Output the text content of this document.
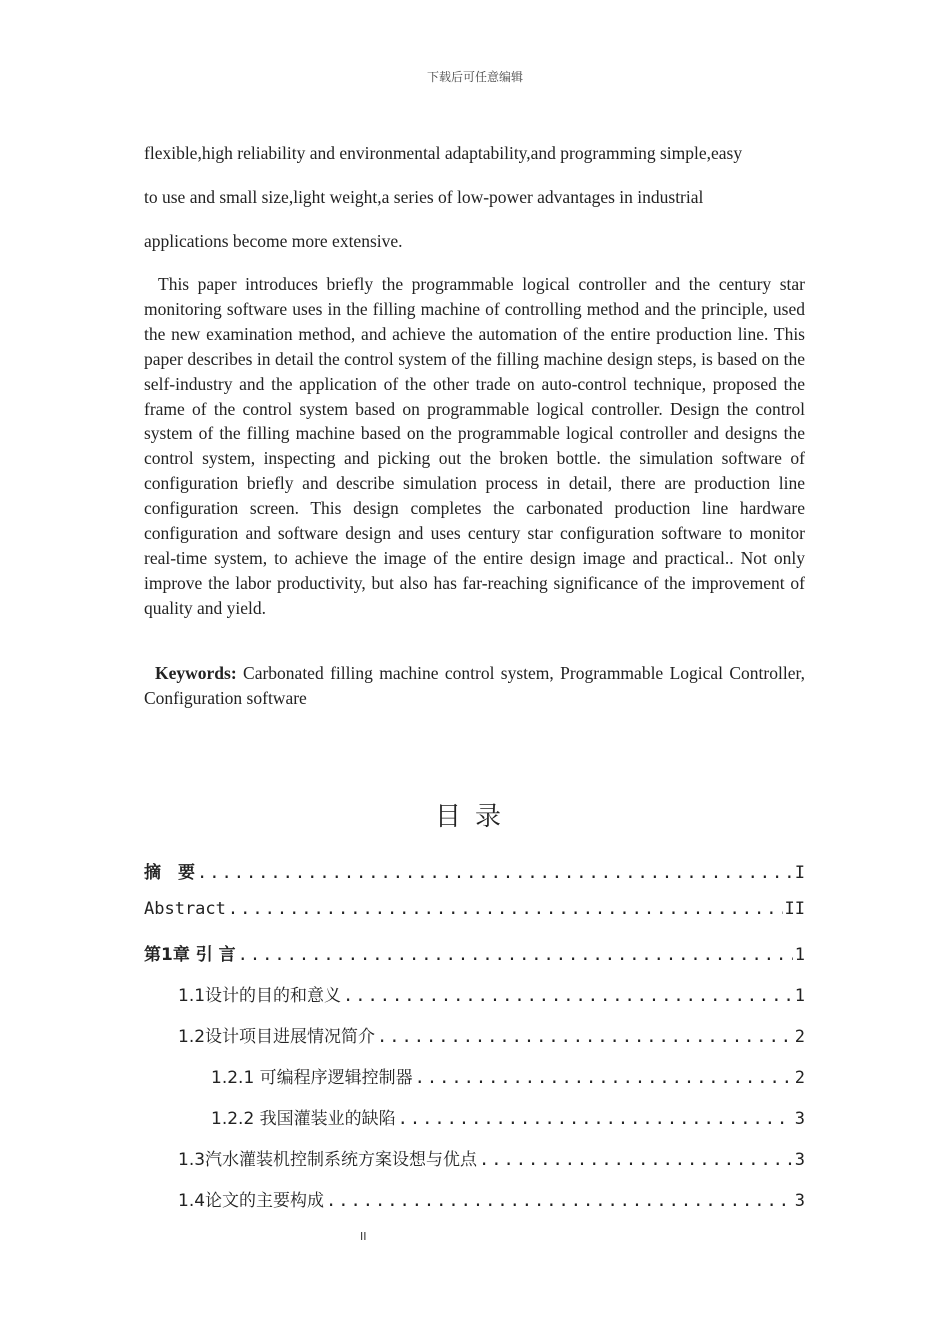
下载后可任意编辑

flexible,high reliability and environmental adaptability,and programming simple,easy

to use and small size,light weight,a series of low-power advantages in industrial

applications become more extensive.

This paper introduces briefly the programmable logical controller and the century star monitoring software uses in the filling machine of controlling method and the principle, used the new examination method, and achieve the automation of the entire production line. This paper describes in detail the control system of the filling machine design steps, is based on the self-industry and the application of the other trade on auto-control technique, proposed the frame of the control system based on programmable logical controller. Design the control system of the filling machine based on the programmable logical controller and designs the control system, inspecting and picking out the broken bottle. the simulation software of configuration briefly and describe simulation process in detail, there are production line configuration screen. This design completes the carbonated production line hardware configuration and software design and uses century star configuration software to monitor real-time system, to achieve the image of the entire design image and practical.. Not only improve the labor productivity, but also has far-reaching significance of the improvement of quality and yield.

Keywords: Carbonated filling machine control system, Programmable Logical Controller, Configuration software

目录
摘　要 .....	I
Abstract .....	II
第1章 引 言 .....	1
1.1设计的目的和意义 .....	1
1.2设计项目进展情况简介 .....	2
1.2.1 可编程序逻辑控制器 .....	2
1.2.2 我国灌装业的缺陷 .....	3
1.3汽水灌装机控制系统方案设想与优点 .....	3
1.4论文的主要构成 .....	3
II
